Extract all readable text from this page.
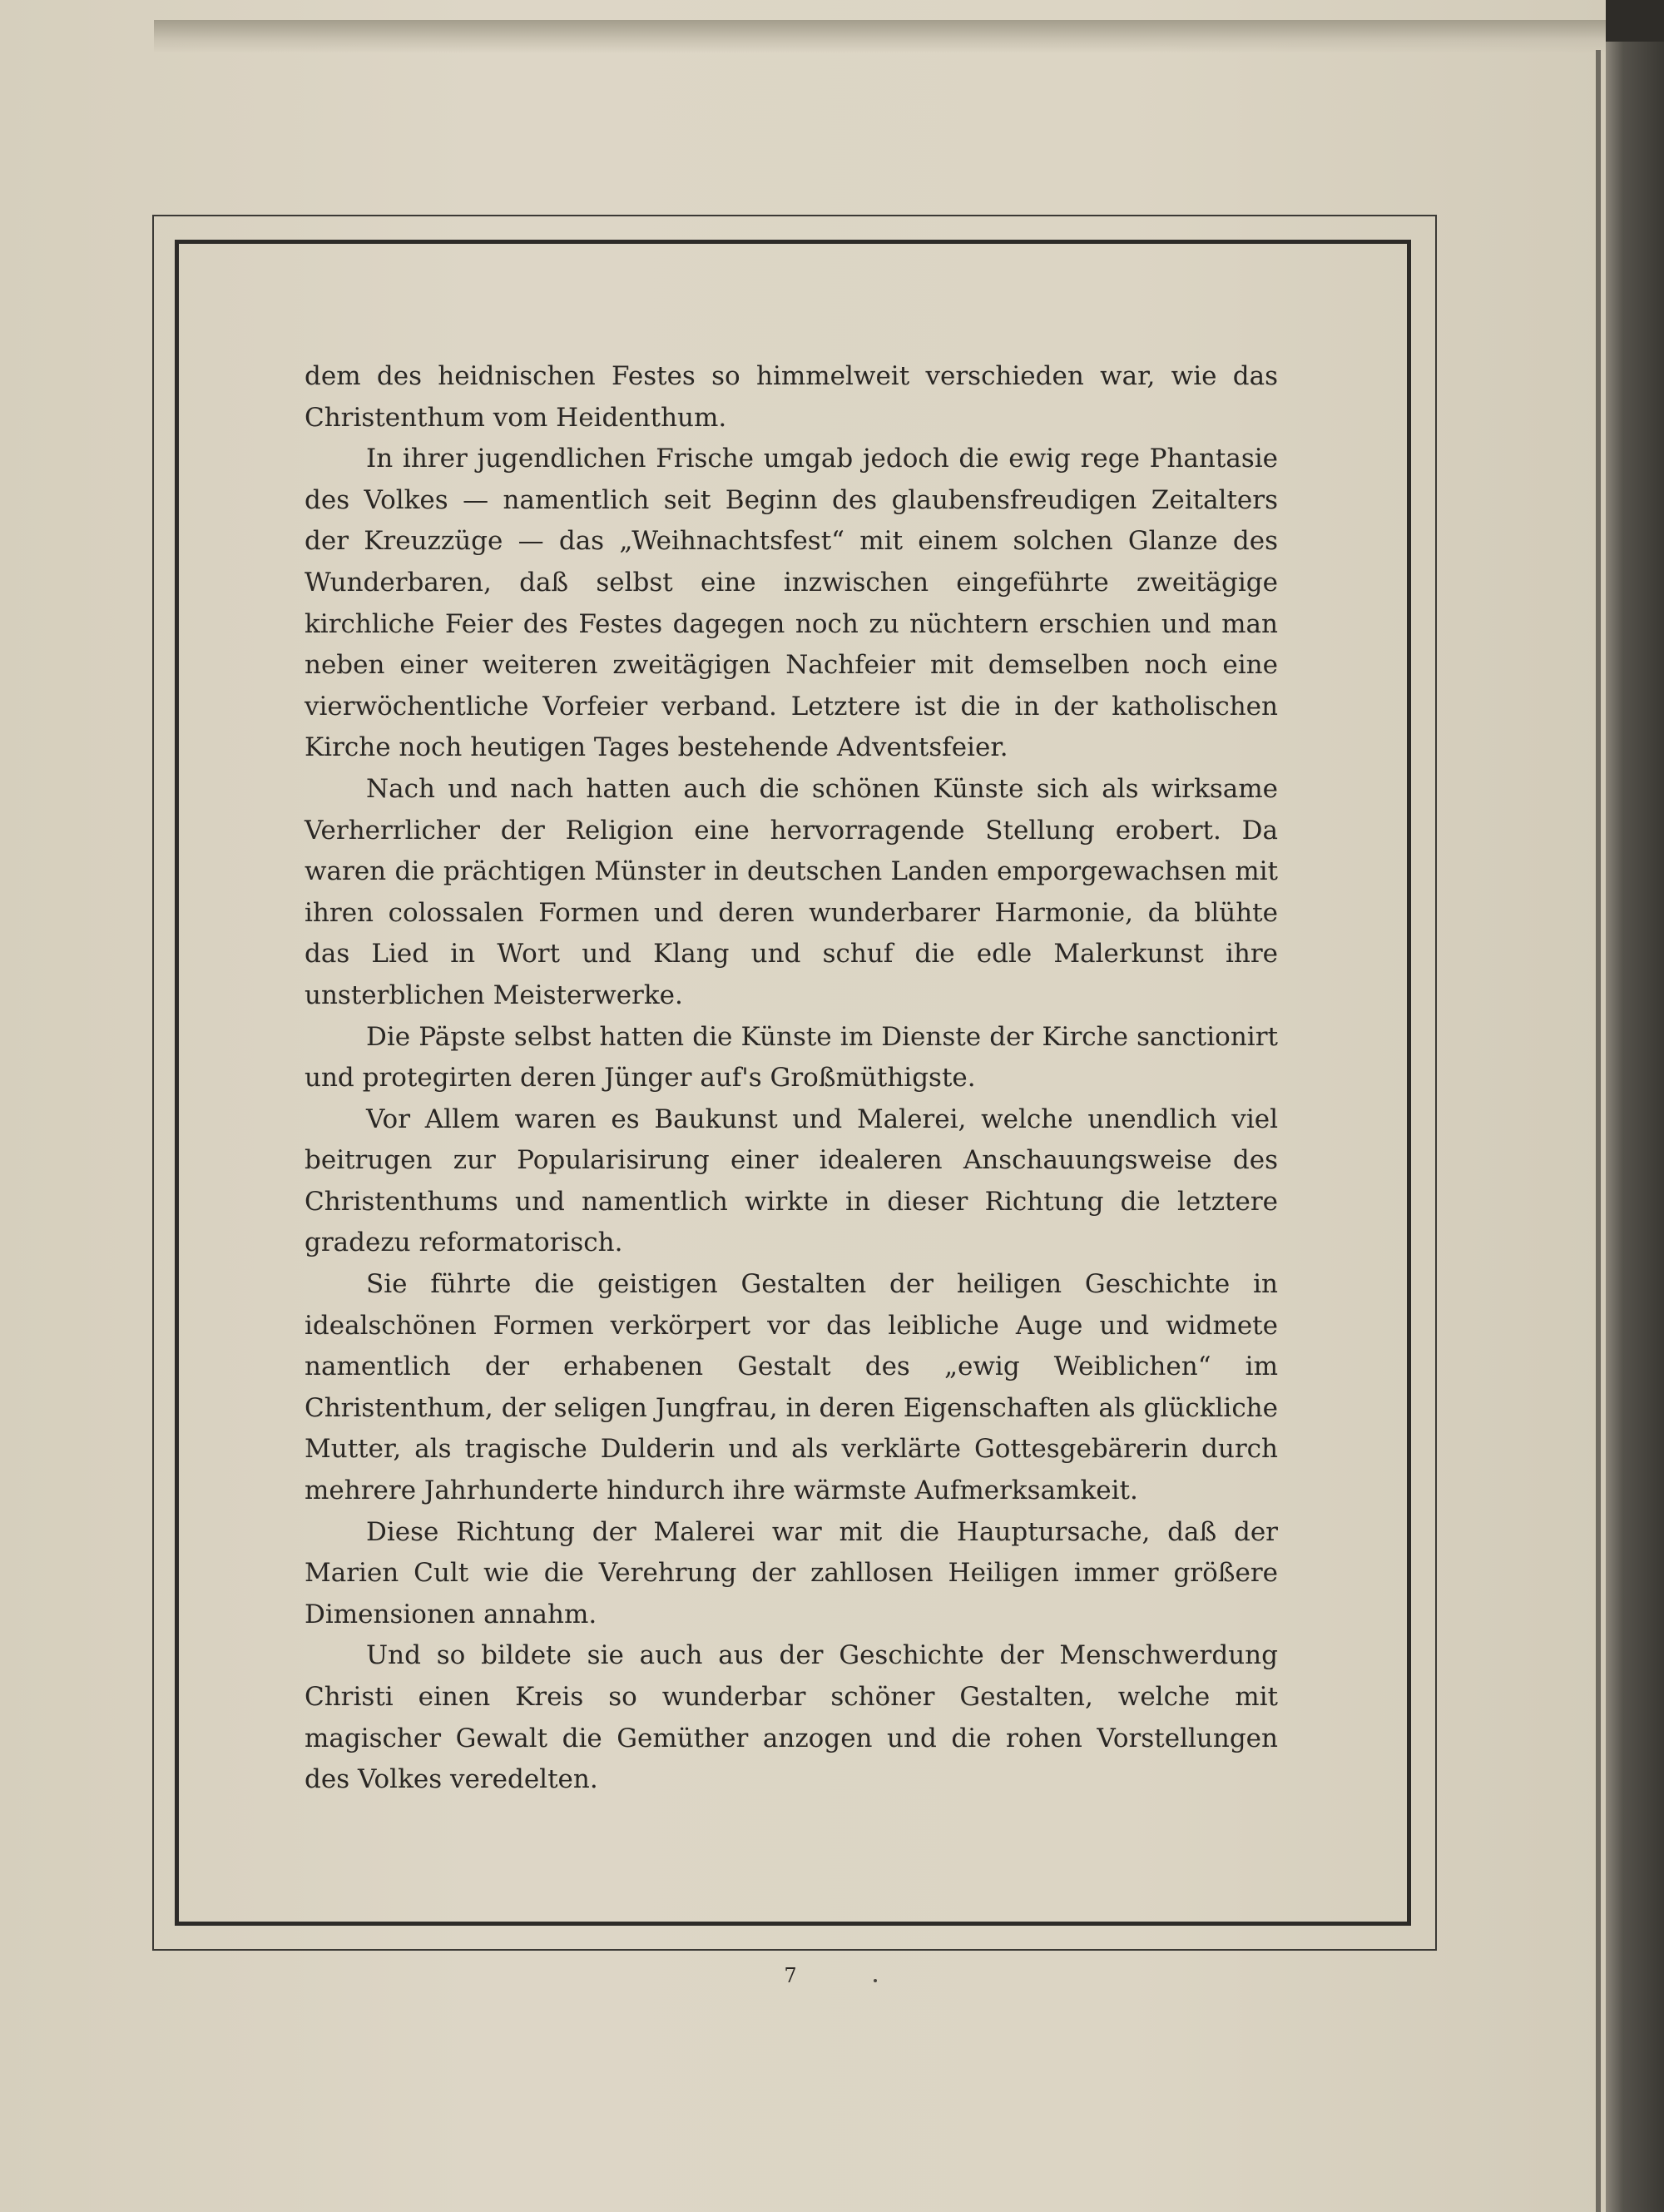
dem des heidnischen Festes so himmelweit verschieden war, wie das Christenthum vom Heidenthum.

In ihrer jugendlichen Frische umgab jedoch die ewig rege Phantasie des Volkes — namentlich seit Beginn des glaubensfreudigen Zeitalters der Kreuzzüge — das „Weihnachtsfest“ mit einem solchen Glanze des Wunderbaren, daß selbst eine inzwischen eingeführte zweitägige kirchliche Feier des Festes dagegen noch zu nüchtern erschien und man neben einer weiteren zweitägigen Nachfeier mit demselben noch eine vierwöchentliche Vorfeier verband. Letztere ist die in der katholischen Kirche noch heutigen Tages bestehende Adventsfeier.

Nach und nach hatten auch die schönen Künste sich als wirksame Verherrlicher der Religion eine hervorragende Stellung erobert. Da waren die prächtigen Münster in deutschen Landen emporgewachsen mit ihren colossalen Formen und deren wunderbarer Harmonie, da blühte das Lied in Wort und Klang und schuf die edle Malerkunst ihre unsterblichen Meisterwerke.

Die Päpste selbst hatten die Künste im Dienste der Kirche sanctionirt und protegirten deren Jünger auf's Großmüthigste.

Vor Allem waren es Baukunst und Malerei, welche unendlich viel beitrugen zur Popularisirung einer idealeren Anschauungsweise des Christenthums und namentlich wirkte in dieser Richtung die letztere gradezu reformatorisch.

Sie führte die geistigen Gestalten der heiligen Geschichte in idealschönen Formen verkörpert vor das leibliche Auge und widmete namentlich der erhabenen Gestalt des „ewig Weiblichen“ im Christenthum, der seligen Jungfrau, in deren Eigenschaften als glückliche Mutter, als tragische Dulderin und als verklärte Gottesgebärerin durch mehrere Jahrhunderte hindurch ihre wärmste Aufmerksamkeit.

Diese Richtung der Malerei war mit die Hauptursache, daß der Marien Cult wie die Verehrung der zahllosen Heiligen immer größere Dimensionen annahm.

Und so bildete sie auch aus der Geschichte der Menschwerdung Christi einen Kreis so wunderbar schöner Gestalten, welche mit magischer Gewalt die Gemüther anzogen und die rohen Vorstellungen des Volkes veredelten.

7
